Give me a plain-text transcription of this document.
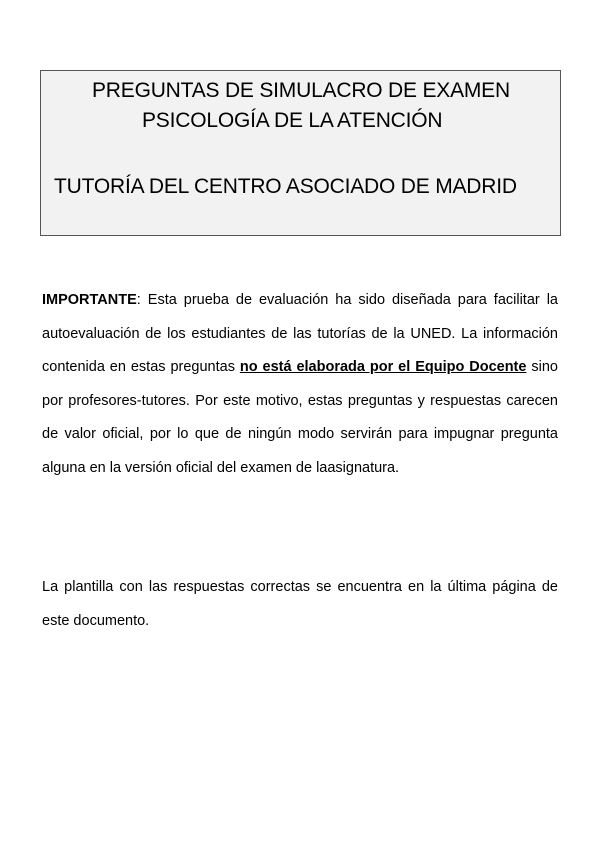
PREGUNTAS DE SIMULACRO DE EXAMEN
PSICOLOGÍA DE LA ATENCIÓN
TUTORÍA DEL CENTRO ASOCIADO DE MADRID

IMPORTANTE: Esta prueba de evaluación ha sido diseñada para facilitar la autoevaluación de los estudiantes de las tutorías de la UNED. La información contenida en estas preguntas no está elaborada por el Equipo Docente sino por profesores-tutores. Por este motivo, estas preguntas y respuestas carecen de valor oficial, por lo que de ningún modo servirán para impugnar pregunta alguna en la versión oficial del examen de laasignatura.

La plantilla con las respuestas correctas se encuentra en la última página de este documento.
